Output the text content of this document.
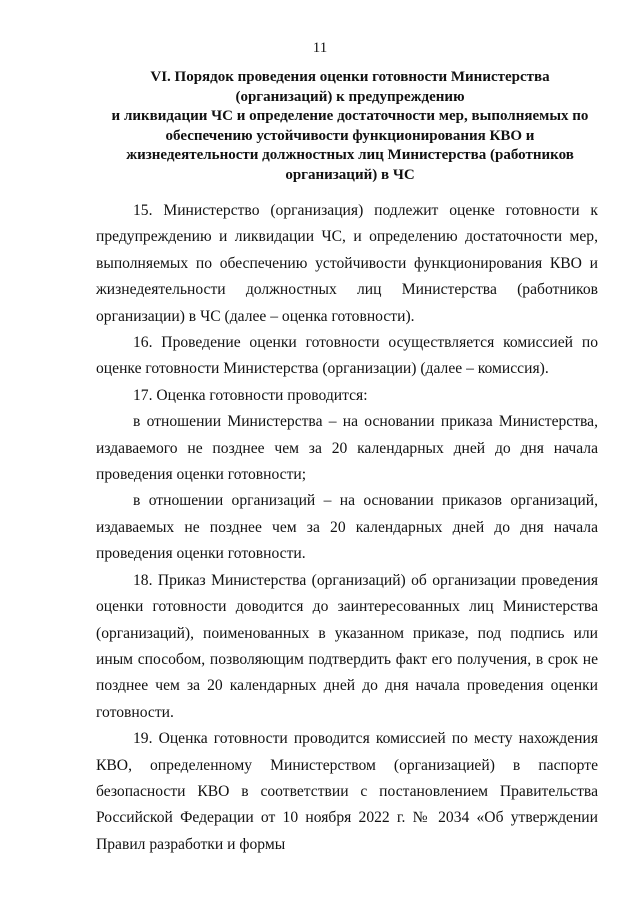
11
VI. Порядок проведения оценки готовности Министерства
(организаций) к предупреждению
и ликвидации ЧС и определение достаточности мер, выполняемых по
обеспечению устойчивости функционирования КВО и
жизнедеятельности должностных лиц Министерства (работников
организаций) в ЧС

15. Министерство (организация) подлежит оценке готовности к предупреждению и ликвидации ЧС, и определению достаточности мер, выполняемых по обеспечению устойчивости функционирования КВО и жизнедеятельности должностных лиц Министерства (работников организации) в ЧС (далее – оценка готовности).

16. Проведение оценки готовности осуществляется комиссией по оценке готовности Министерства (организации) (далее – комиссия).

17. Оценка готовности проводится:

в отношении Министерства – на основании приказа Министерства, издаваемого не позднее чем за 20 календарных дней до дня начала проведения оценки готовности;

в отношении организаций – на основании приказов организаций, издаваемых не позднее чем за 20 календарных дней до дня начала проведения оценки готовности.

18. Приказ Министерства (организаций) об организации проведения оценки готовности доводится до заинтересованных лиц Министерства (организаций), поименованных в указанном приказе, под подпись или иным способом, позволяющим подтвердить факт его получения, в срок не позднее чем за 20 календарных дней до дня начала проведения оценки готовности.

19. Оценка готовности проводится комиссией по месту нахождения КВО, определенному Министерством (организацией) в паспорте безопасности КВО в соответствии с постановлением Правительства Российской Федерации от 10 ноября 2022 г. № 2034 «Об утверждении Правил разработки и формы
